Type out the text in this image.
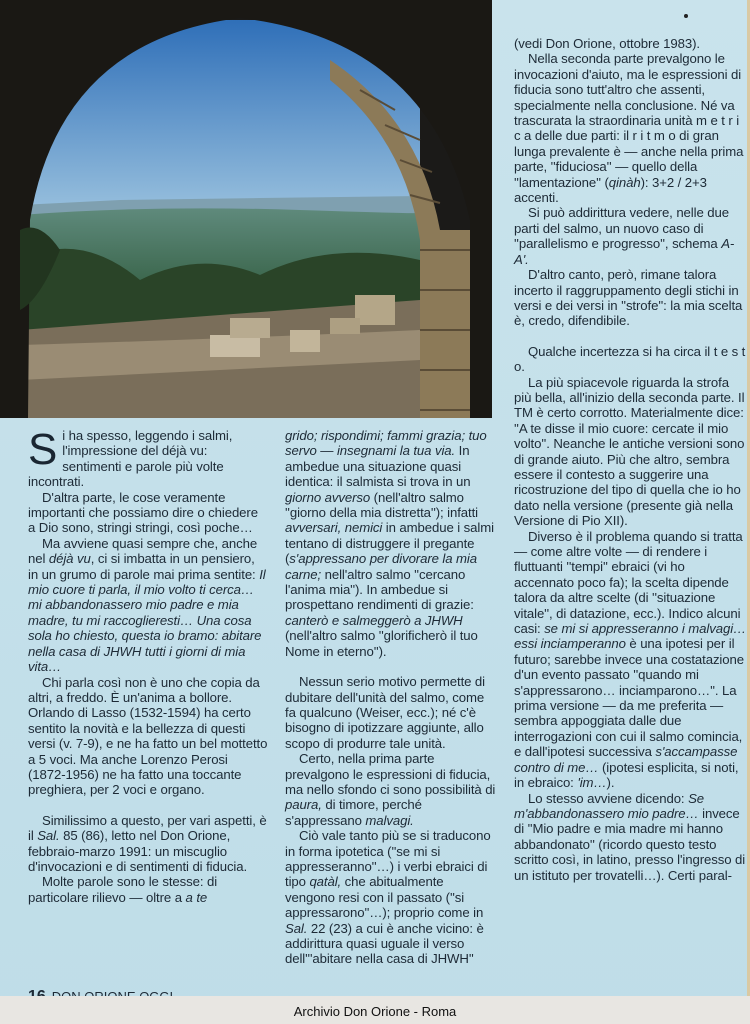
Si ha spesso, leggendo i salmi, l'impressione del déjà vu: sentimenti e parole più volte incontrati.

D'altra parte, le cose veramente importanti che possiamo dire o chiedere a Dio sono, stringi stringi, così poche…

Ma avviene quasi sempre che, anche nel déjà vu, ci si imbatta in un pensiero, in un grumo di parole mai prima sentite: Il mio cuore ti parla, il mio volto ti cerca… mi abbandonassero mio padre e mia madre, tu mi raccoglieresti… Una cosa sola ho chiesto, questa io bramo: abitare nella casa di JHWH tutti i giorni di mia vita…

Chi parla così non è uno che copia da altri, a freddo. È un'anima a bollore. Orlando di Lasso (1532-1594) ha certo sentito la novità e la bellezza di questi versi (v. 7-9), e ne ha fatto un bel mottetto a 5 voci. Ma anche Lorenzo Perosi (1872-1956) ne ha fatto una toccante preghiera, per 2 voci e organo.

Similissimo a questo, per vari aspetti, è il Sal. 85 (86), letto nel Don Orione, febbraio-marzo 1991: un miscuglio d'invocazioni e di sentimenti di fiducia.

Molte parole sono le stesse: di particolare rilievo — oltre a a te

grido; rispondimi; fammi grazia; tuo servo — insegnami la tua via. In ambedue una situazione quasi identica: il salmista si trova in un giorno avverso (nell'altro salmo ''giorno della mia distretta''); infatti avversari, nemici in ambedue i salmi tentano di distruggere il pregante (s'appressano per divorare la mia carne; nell'altro salmo ''cercano l'anima mia''). In ambedue si prospettano rendimenti di grazie: canterò e salmeggerò a JHWH (nell'altro salmo ''glorificherò il tuo Nome in eterno'').

Nessun serio motivo permette di dubitare dell'unità del salmo, come fa qualcuno (Weiser, ecc.); né c'è bisogno di ipotizzare aggiunte, allo scopo di produrre tale unità.

Certo, nella prima parte prevalgono le espressioni di fiducia, ma nello sfondo ci sono possibilità di paura, di timore, perché s'appressano malvagi.

Ciò vale tanto più se si traducono in forma ipotetica (''se mi si appresseranno''…) i verbi ebraici di tipo qatàl, che abitualmente vengono resi con il passato (''si appressarono''…); proprio come in Sal. 22 (23) a cui è anche vicino: è addirittura quasi uguale il verso dell'''abitare nella casa di JHWH''

(vedi Don Orione, ottobre 1983).

Nella seconda parte prevalgono le invocazioni d'aiuto, ma le espressioni di fiducia sono tutt'altro che assenti, specialmente nella conclusione. Né va trascurata la straordinaria unità m e t r i c a delle due parti: il r i t m o di gran lunga prevalente è — anche nella prima parte, ''fiduciosa'' — quello della ''lamentazione'' (qinàh): 3+2 / 2+3 accenti.

Si può addirittura vedere, nelle due parti del salmo, un nuovo caso di ''parallelismo e progresso'', schema A-A'.

D'altro canto, però, rimane talora incerto il raggruppamento degli stichi in versi e dei versi in ''strofe'': la mia scelta è, credo, difendibile.

Qualche incertezza si ha circa il t e s t o.

La più spiacevole riguarda la strofa più bella, all'inizio della seconda parte. Il TM è certo corrotto. Materialmente dice: ''A te disse il mio cuore: cercate il mio volto''. Neanche le antiche versioni sono di grande aiuto. Più che altro, sembra essere il contesto a suggerire una ricostruzione del tipo di quella che io ho dato nella versione (presente già nella Versione di Pio XII).

Diverso è il problema quando si tratta — come altre volte — di rendere i fluttuanti ''tempi'' ebraici (vi ho accennato poco fa); la scelta dipende talora da altre scelte (di ''situazione vitale'', di datazione, ecc.). Indico alcuni casi: se mi si appresseranno i malvagi… essi inciamperanno è una ipotesi per il futuro; sarebbe invece una costatazione d'un evento passato ''quando mi s'appressarono… inciamparono…''. La prima versione — da me preferita — sembra appoggiata dalle due interrogazioni con cui il salmo comincia, e dall'ipotesi successiva s'accampasse contro di me… (ipotesi esplicita, si noti, in ebraico: 'im…).

Lo stesso avviene dicendo: Se m'abbandonassero mio padre… invece di ''Mio padre e mia madre mi hanno abbandonato'' (ricordo questo testo scritto così, in latino, presso l'ingresso di un istituto per trovatelli…). Certi paral-

Archivio Don Orione - Roma
